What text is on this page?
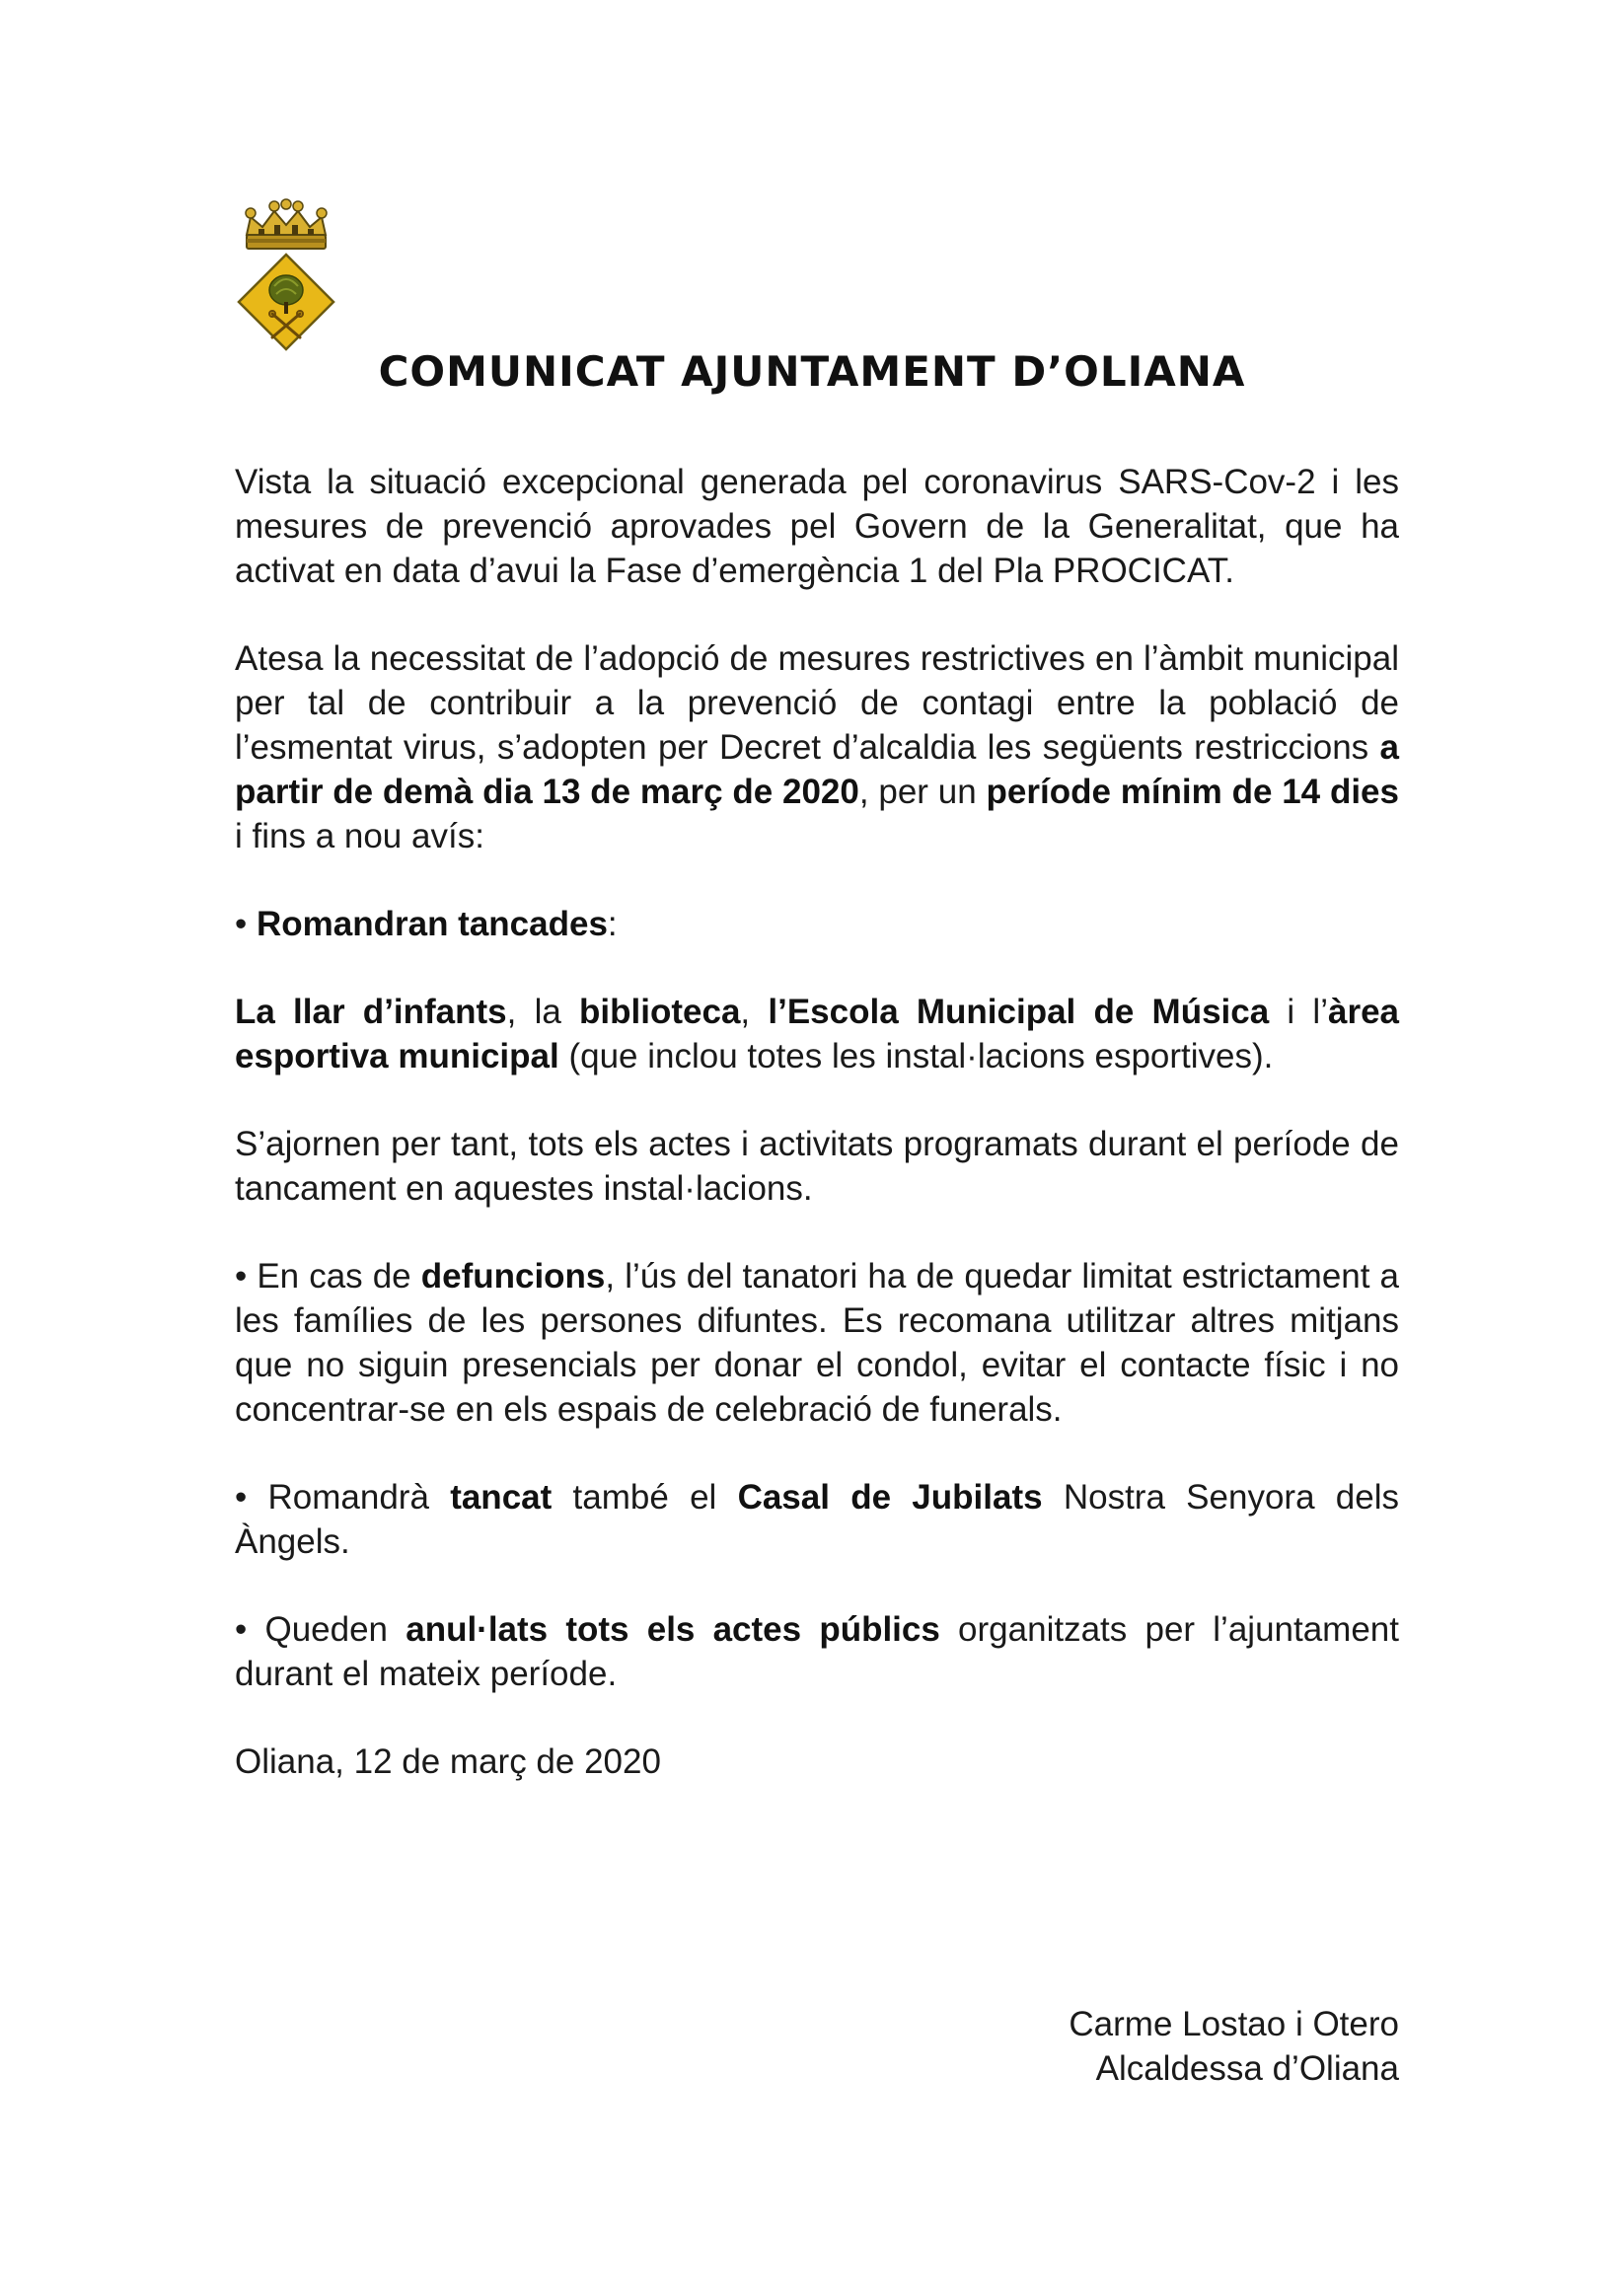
COMUNICAT AJUNTAMENT D’OLIANA

Vista la situació excepcional generada pel coronavirus SARS-Cov-2 i les mesures de prevenció aprovades pel Govern de la Generalitat, que ha activat en data d’avui la Fase d’emergència 1 del Pla PROCICAT.

Atesa la necessitat de l’adopció de mesures restrictives en l’àmbit municipal per tal de contribuir a la prevenció de contagi entre la població de l’esmentat virus, s’adopten per Decret d’alcaldia les següents restriccions a partir de demà dia 13 de març de 2020, per un període mínim de 14 dies i fins a nou avís:

• Romandran tancades:

La llar d’infants, la biblioteca, l’Escola Municipal de Música i l’àrea esportiva municipal (que inclou totes les instal·lacions esportives).

S’ajornen per tant, tots els actes i activitats programats durant el període de tancament en aquestes instal·lacions.

• En cas de defuncions, l’ús del tanatori ha de quedar limitat estrictament a les famílies de les persones difuntes. Es recomana utilitzar altres mitjans que no siguin presencials per donar el condol, evitar el contacte físic i no concentrar-se en els espais de celebració de funerals.

• Romandrà tancat també el Casal de Jubilats Nostra Senyora dels Àngels.

• Queden anul·lats tots els actes públics organitzats per l’ajuntament durant el mateix període.

Oliana, 12 de març de 2020

Carme Lostao i Otero
Alcaldessa d’Oliana
